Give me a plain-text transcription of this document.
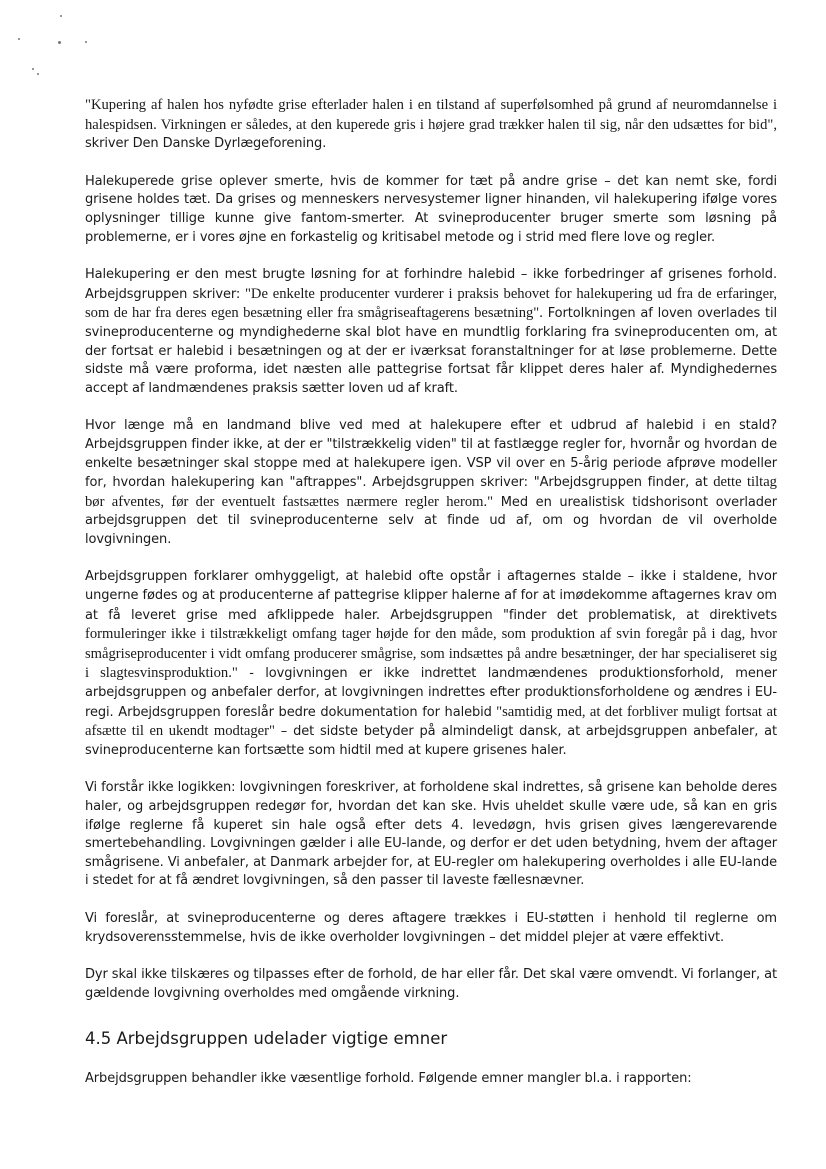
"Kupering af halen hos nyfødte grise efterlader halen i en tilstand af superfølsomhed på grund af neuromdannelse i halespidsen. Virkningen er således, at den kuperede gris i højere grad trækker halen til sig, når den udsættes for bid", skriver Den Danske Dyrlægeforening.

Halekuperede grise oplever smerte, hvis de kommer for tæt på andre grise – det kan nemt ske, fordi grisene holdes tæt. Da grises og menneskers nervesystemer ligner hinanden, vil halekupering ifølge vores oplysninger tillige kunne give fantom-smerter. At svineproducenter bruger smerte som løsning på problemerne, er i vores øjne en forkastelig og kritisabel metode og i strid med flere love og regler.

Halekupering er den mest brugte løsning for at forhindre halebid – ikke forbedringer af grisenes forhold. Arbejdsgruppen skriver: "De enkelte producenter vurderer i praksis behovet for halekupering ud fra de erfaringer, som de har fra deres egen besætning eller fra smågriseaftagerens besætning". Fortolkningen af loven overlades til svineproducenterne og myndighederne skal blot have en mundtlig forklaring fra svineproducenten om, at der fortsat er halebid i besætningen og at der er iværksat foranstaltninger for at løse problemerne. Dette sidste må være proforma, idet næsten alle pattegrise fortsat får klippet deres haler af. Myndighedernes accept af landmændenes praksis sætter loven ud af kraft.

Hvor længe må en landmand blive ved med at halekupere efter et udbrud af halebid i en stald? Arbejdsgruppen finder ikke, at der er "tilstrækkelig viden" til at fastlægge regler for, hvornår og hvordan de enkelte besætninger skal stoppe med at halekupere igen. VSP vil over en 5-årig periode afprøve modeller for, hvordan halekupering kan "aftrappes". Arbejdsgruppen skriver: "Arbejdsgruppen finder, at dette tiltag bør afventes, før der eventuelt fastsættes nærmere regler herom." Med en urealistisk tidshorisont overlader arbejdsgruppen det til svineproducenterne selv at finde ud af, om og hvordan de vil overholde lovgivningen.

Arbejdsgruppen forklarer omhyggeligt, at halebid ofte opstår i aftagernes stalde – ikke i staldene, hvor ungerne fødes og at producenterne af pattegrise klipper halerne af for at imødekomme aftagernes krav om at få leveret grise med afklippede haler. Arbejdsgruppen "finder det problematisk, at direktivets formuleringer ikke i tilstrækkeligt omfang tager højde for den måde, som produktion af svin foregår på i dag, hvor smågriseproducenter i vidt omfang producerer smågrise, som indsættes på andre besætninger, der har specialiseret sig i slagtesvinsproduktion." - lovgivningen er ikke indrettet landmændenes produktionsforhold, mener arbejdsgruppen og anbefaler derfor, at lovgivningen indrettes efter produktionsforholdene og ændres i EU-regi. Arbejdsgruppen foreslår bedre dokumentation for halebid "samtidig med, at det forbliver muligt fortsat at afsætte til en ukendt modtager" – det sidste betyder på almindeligt dansk, at arbejdsgruppen anbefaler, at svineproducenterne kan fortsætte som hidtil med at kupere grisenes haler.

Vi forstår ikke logikken: lovgivningen foreskriver, at forholdene skal indrettes, så grisene kan beholde deres haler, og arbejdsgruppen redegør for, hvordan det kan ske. Hvis uheldet skulle være ude, så kan en gris ifølge reglerne få kuperet sin hale også efter dets 4. levedøgn, hvis grisen gives længerevarende smertebehandling. Lovgivningen gælder i alle EU-lande, og derfor er det uden betydning, hvem der aftager smågrisene. Vi anbefaler, at Danmark arbejder for, at EU-regler om halekupering overholdes i alle EU-lande i stedet for at få ændret lovgivningen, så den passer til laveste fællesnævner.

Vi foreslår, at svineproducenterne og deres aftagere trækkes i EU-støtten i henhold til reglerne om krydsoverensstemmelse, hvis de ikke overholder lovgivningen – det middel plejer at være effektivt.

Dyr skal ikke tilskæres og tilpasses efter de forhold, de har eller får. Det skal være omvendt. Vi forlanger, at gældende lovgivning overholdes med omgående virkning.

4.5 Arbejdsgruppen udelader vigtige emner

Arbejdsgruppen behandler ikke væsentlige forhold. Følgende emner mangler bl.a. i rapporten:
